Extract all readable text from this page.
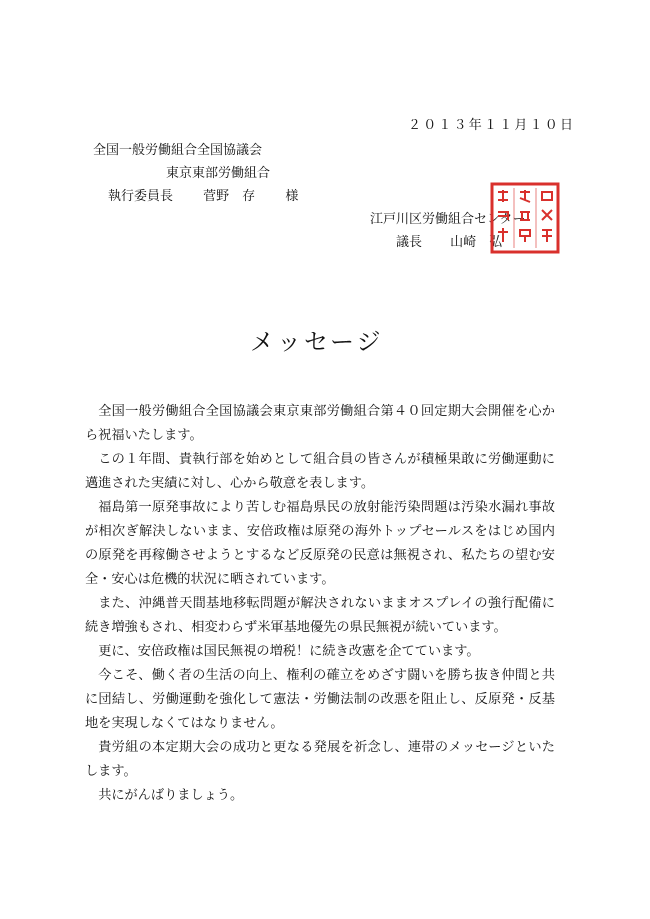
２０１３年１１月１０日
全国一般労働組合全国協議会
東京東部労働組合
執行委員長 菅野　存 様
江戸川区労働組合センター
議長 山崎　弘
メッセージ

全国一般労働組合全国協議会東京東部労働組合第４０回定期大会開催を心から祝福いたします。

この１年間、貴執行部を始めとして組合員の皆さんが積極果敢に労働運動に邁進された実績に対し、心から敬意を表します。

福島第一原発事故により苦しむ福島県民の放射能汚染問題は汚染水漏れ事故が相次ぎ解決しないまま、安倍政権は原発の海外トップセールスをはじめ国内の原発を再稼働させようとするなど反原発の民意は無視され、私たちの望む安全・安心は危機的状況に晒されています。

また、沖縄普天間基地移転問題が解決されないままオスプレイの強行配備に続き増強もされ、相変わらず米軍基地優先の県民無視が続いています。

更に、安倍政権は国民無視の増税！に続き改憲を企てています。

今こそ、働く者の生活の向上、権利の確立をめざす闘いを勝ち抜き仲間と共に団結し、労働運動を強化して憲法・労働法制の改悪を阻止し、反原発・反基地を実現しなくてはなりません。

貴労組の本定期大会の成功と更なる発展を祈念し、連帯のメッセージといたします。

共にがんばりましょう。
